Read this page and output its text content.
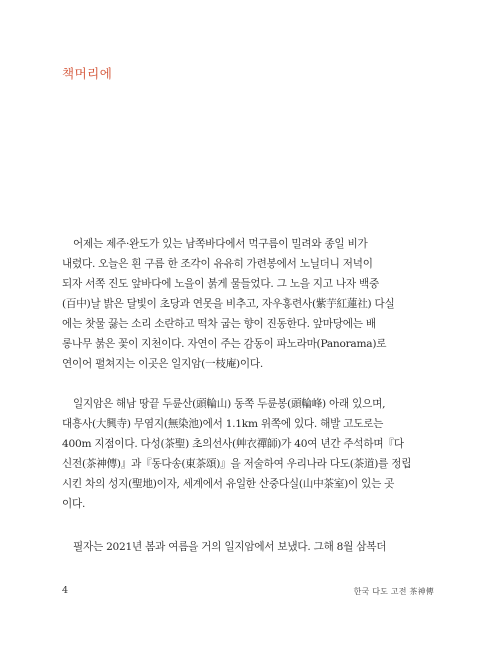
책머리에
어제는 제주·완도가 있는 남쪽바다에서 먹구름이 밀려와 종일 비가
내렸다. 오늘은 흰 구름 한 조각이 유유히 가련봉에서 노닐더니 저녁이
되자 서쪽 진도 앞바다에 노을이 붉게 물들었다. 그 노을 지고 나자 백중
(百中)날 밝은 달빛이 초당과 연못을 비추고, 자우홍련사(紫芋紅蓮社) 다실
에는 찻물 끓는 소리 소란하고 떡차 굽는 향이 진동한다. 앞마당에는 배
롱나무 붉은 꽃이 지천이다. 자연이 주는 감동이 파노라마(Panorama)로
연이어 펼쳐지는 이곳은 일지암(一枝庵)이다.
일지암은 해남 땅끝 두륜산(頭輪山) 동쪽 두륜봉(頭輪峰) 아래 있으며,
대흥사(大興寺) 무염지(無染池)에서 1.1km 위쪽에 있다. 해발 고도로는
400m 지점이다. 다성(茶聖) 초의선사(艸衣禪師)가 40여 년간 주석하며『다
신전(茶神傳)』과『동다송(東茶頌)』을 저술하여 우리나라 다도(茶道)를 정립
시킨 차의 성지(聖地)이자, 세계에서 유일한 산중다실(山中茶室)이 있는 곳
이다.
필자는 2021년 봄과 여름을 거의 일지암에서 보냈다. 그해 8월 삼복더
4	한국 다도 고전 茶神傳
